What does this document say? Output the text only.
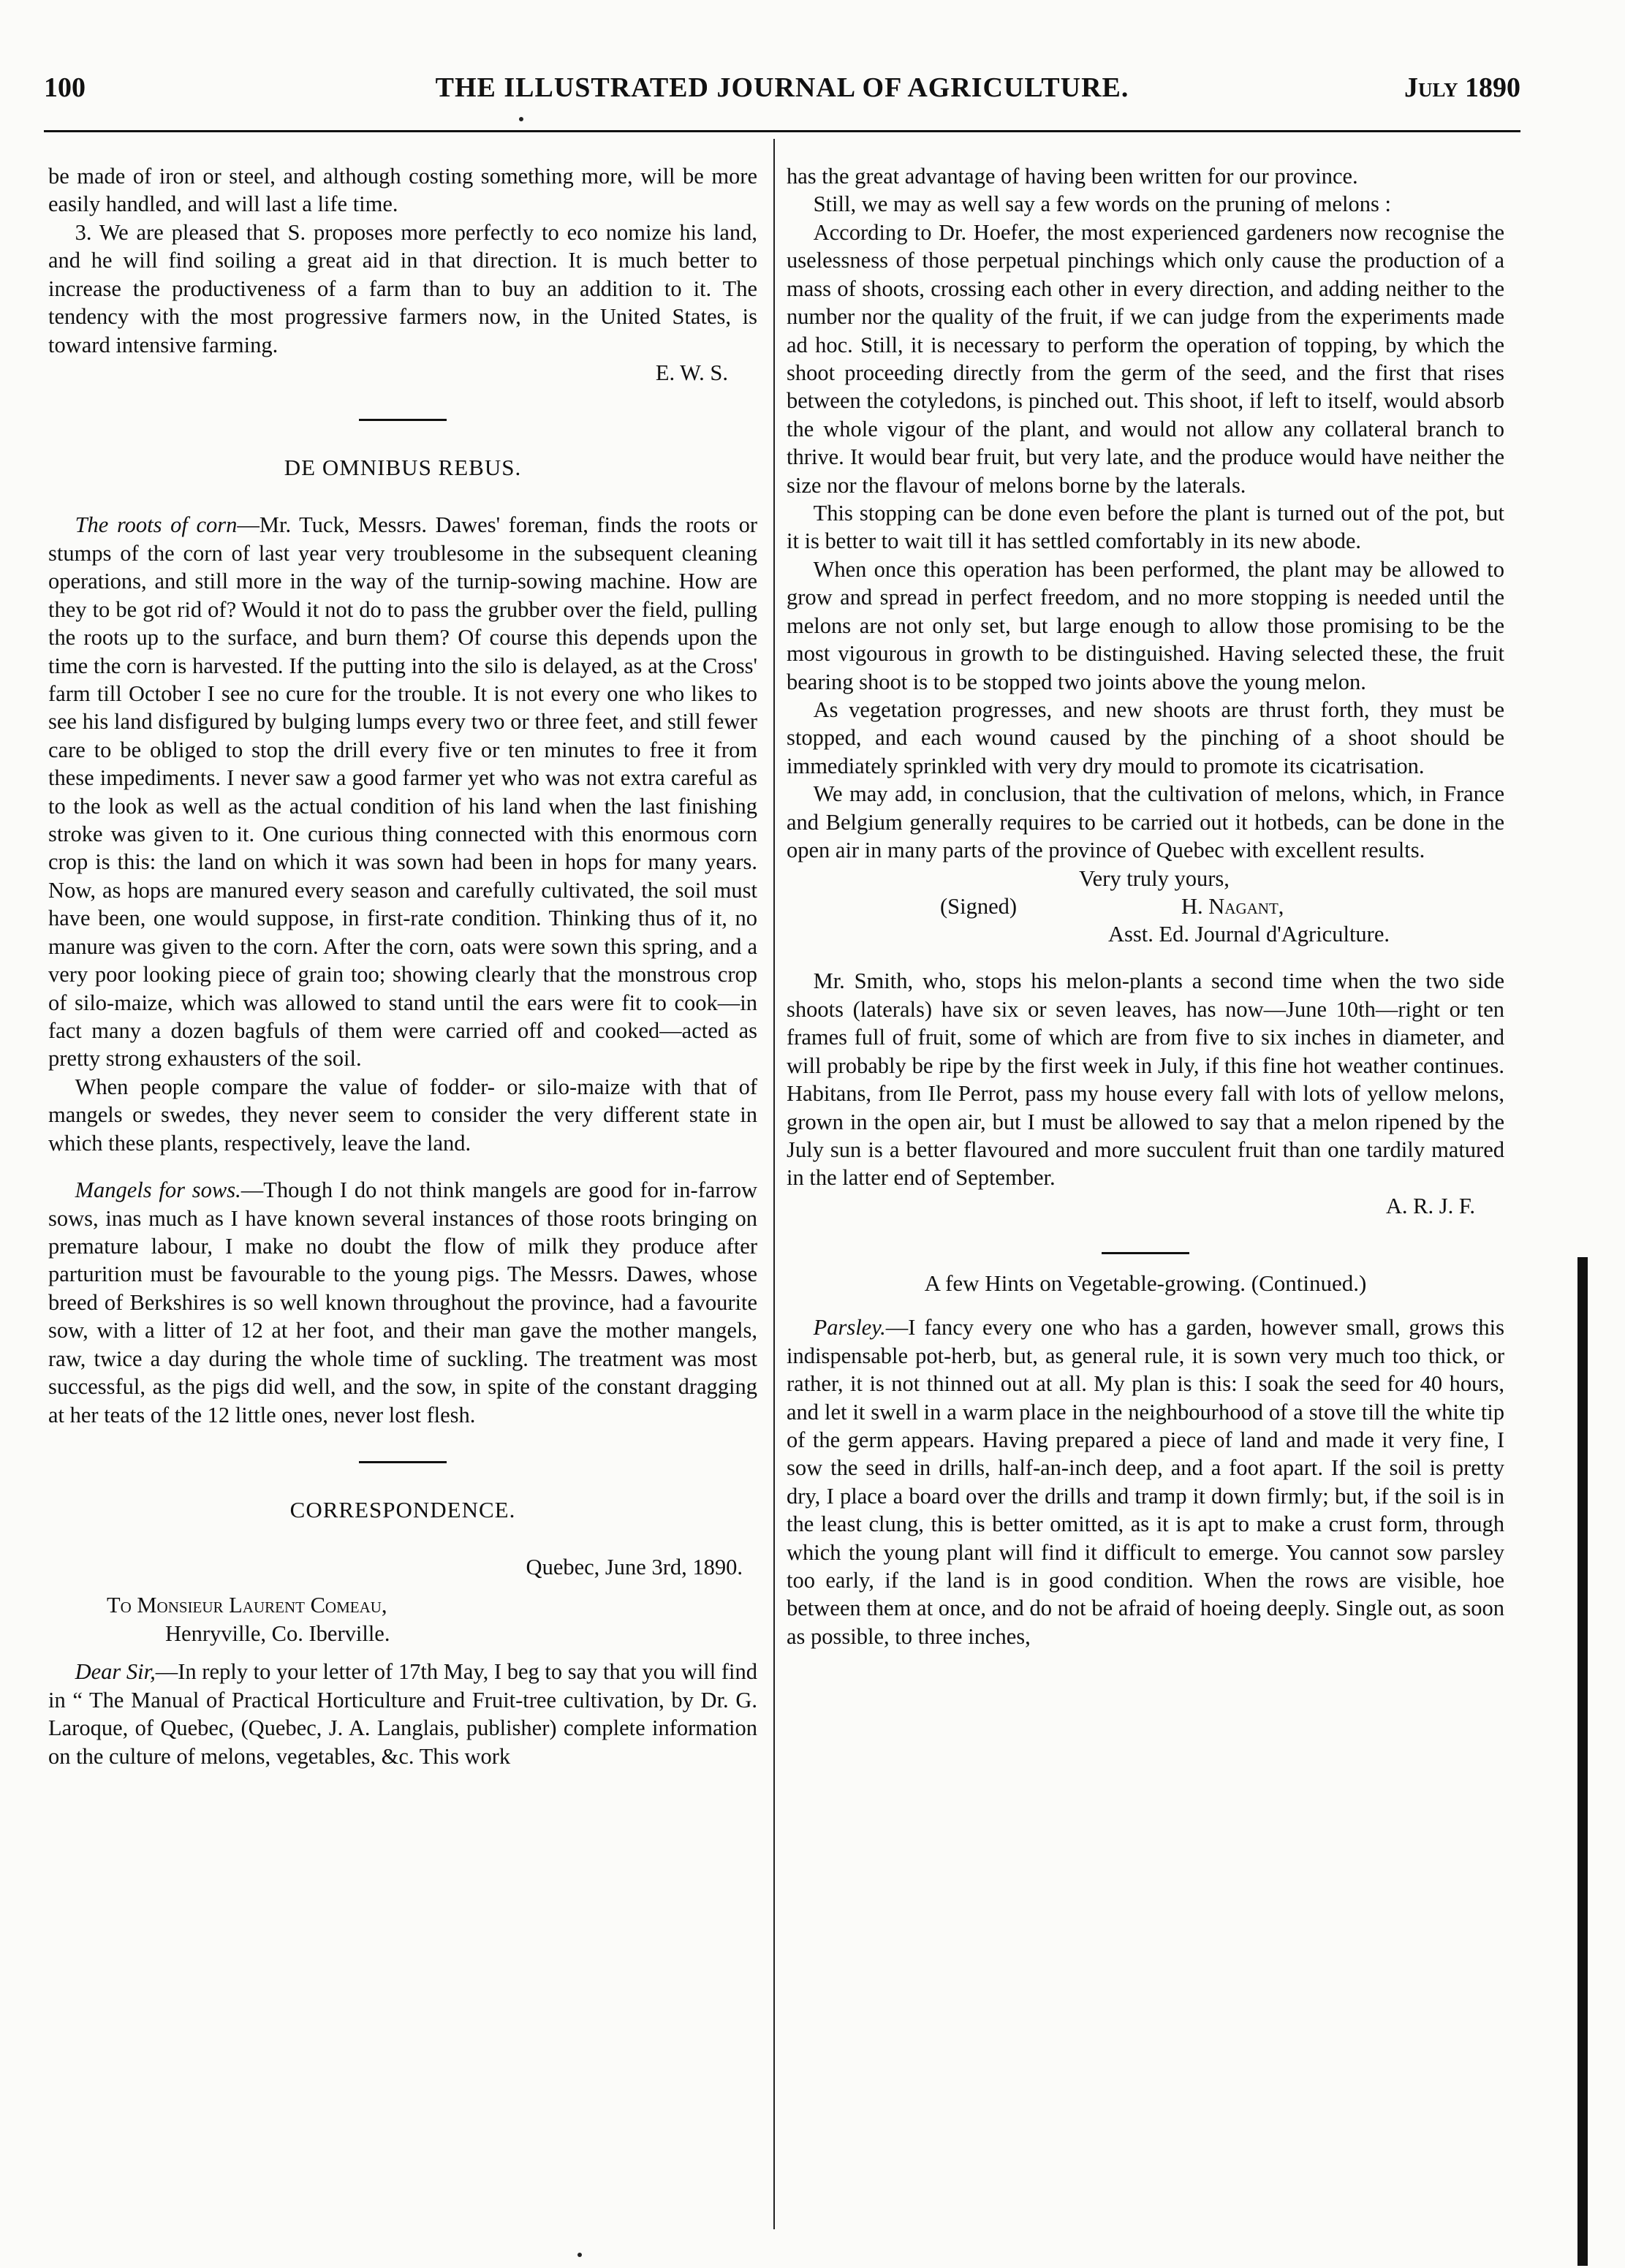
100	THE ILLUSTRATED JOURNAL OF AGRICULTURE.	July 1890

be made of iron or steel, and although costing something more, will be more easily handled, and will last a life time.

3. We are pleased that S. proposes more perfectly to eco nomize his land, and he will find soiling a great aid in that direction. It is much better to increase the productiveness of a farm than to buy an addition to it. The tendency with the most progressive farmers now, in the United States, is toward intensive farming.

E. W. S.
DE OMNIBUS REBUS.

The roots of corn—Mr. Tuck, Messrs. Dawes' foreman, finds the roots or stumps of the corn of last year very troublesome in the subsequent cleaning operations, and still more in the way of the turnip-sowing machine. How are they to be got rid of? Would it not do to pass the grubber over the field, pulling the roots up to the surface, and burn them? Of course this depends upon the time the corn is harvested. If the putting into the silo is delayed, as at the Cross' farm till October I see no cure for the trouble. It is not every one who likes to see his land disfigured by bulging lumps every two or three feet, and still fewer care to be obliged to stop the drill every five or ten minutes to free it from these impediments. I never saw a good farmer yet who was not extra careful as to the look as well as the actual condition of his land when the last finishing stroke was given to it. One curious thing connected with this enormous corn crop is this: the land on which it was sown had been in hops for many years. Now, as hops are manured every season and carefully cultivated, the soil must have been, one would suppose, in first-rate condition. Thinking thus of it, no manure was given to the corn. After the corn, oats were sown this spring, and a very poor looking piece of grain too; showing clearly that the monstrous crop of silo-maize, which was allowed to stand until the ears were fit to cook—in fact many a dozen bagfuls of them were carried off and cooked—acted as pretty strong exhausters of the soil.

When people compare the value of fodder- or silo-maize with that of mangels or swedes, they never seem to consider the very different state in which these plants, respectively, leave the land.

Mangels for sows.—Though I do not think mangels are good for in-farrow sows, inas much as I have known several instances of those roots bringing on premature labour, I make no doubt the flow of milk they produce after parturition must be favourable to the young pigs. The Messrs. Dawes, whose breed of Berkshires is so well known throughout the province, had a favourite sow, with a litter of 12 at her foot, and their man gave the mother mangels, raw, twice a day during the whole time of suckling. The treatment was most successful, as the pigs did well, and the sow, in spite of the constant dragging at her teats of the 12 little ones, never lost flesh.

CORRESPONDENCE.
Quebec, June 3rd, 1890.
To Monsieur Laurent Comeau,
Henryville, Co. Iberville.

Dear Sir,—In reply to your letter of 17th May, I beg to say that you will find in “ The Manual of Practical Horticulture and Fruit-tree cultivation, by Dr. G. Laroque, of Quebec, (Quebec, J. A. Langlais, publisher) complete information on the culture of melons, vegetables, &c. This work

has the great advantage of having been written for our province.

Still, we may as well say a few words on the pruning of melons :

According to Dr. Hoefer, the most experienced gardeners now recognise the uselessness of those perpetual pinchings which only cause the production of a mass of shoots, crossing each other in every direction, and adding neither to the number nor the quality of the fruit, if we can judge from the experiments made ad hoc. Still, it is necessary to perform the operation of topping, by which the shoot proceeding directly from the germ of the seed, and the first that rises between the cotyledons, is pinched out. This shoot, if left to itself, would absorb the whole vigour of the plant, and would not allow any collateral branch to thrive. It would bear fruit, but very late, and the produce would have neither the size nor the flavour of melons borne by the laterals.

This stopping can be done even before the plant is turned out of the pot, but it is better to wait till it has settled comfortably in its new abode.

When once this operation has been performed, the plant may be allowed to grow and spread in perfect freedom, and no more stopping is needed until the melons are not only set, but large enough to allow those promising to be the most vigourous in growth to be distinguished. Having selected these, the fruit bearing shoot is to be stopped two joints above the young melon.

As vegetation progresses, and new shoots are thrust forth, they must be stopped, and each wound caused by the pinching of a shoot should be immediately sprinkled with very dry mould to promote its cicatrisation.

We may add, in conclusion, that the cultivation of melons, which, in France and Belgium generally requires to be carried out it hotbeds, can be done in the open air in many parts of the province of Quebec with excellent results.

Very truly yours,
(Signed)	H. Nagant,
Asst. Ed. Journal d'Agriculture.

Mr. Smith, who, stops his melon-plants a second time when the two side shoots (laterals) have six or seven leaves, has now—June 10th—right or ten frames full of fruit, some of which are from five to six inches in diameter, and will probably be ripe by the first week in July, if this fine hot weather continues. Habitans, from Ile Perrot, pass my house every fall with lots of yellow melons, grown in the open air, but I must be allowed to say that a melon ripened by the July sun is a better flavoured and more succulent fruit than one tardily matured in the latter end of September.

A. R. J. F.
A few Hints on Vegetable-growing. (Continued.)

Parsley.—I fancy every one who has a garden, however small, grows this indispensable pot-herb, but, as general rule, it is sown very much too thick, or rather, it is not thinned out at all. My plan is this: I soak the seed for 40 hours, and let it swell in a warm place in the neighbourhood of a stove till the white tip of the germ appears. Having prepared a piece of land and made it very fine, I sow the seed in drills, half-an-inch deep, and a foot apart. If the soil is pretty dry, I place a board over the drills and tramp it down firmly; but, if the soil is in the least clung, this is better omitted, as it is apt to make a crust form, through which the young plant will find it difficult to emerge. You cannot sow parsley too early, if the land is in good condition. When the rows are visible, hoe between them at once, and do not be afraid of hoeing deeply. Single out, as soon as possible, to three inches,
